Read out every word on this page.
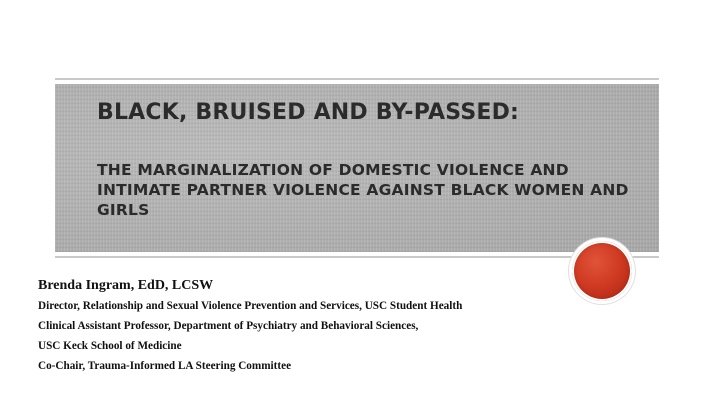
BLACK, BRUISED AND BY-PASSED:
THE MARGINALIZATION OF DOMESTIC VIOLENCE AND INTIMATE PARTNER VIOLENCE AGAINST BLACK WOMEN AND GIRLS
Brenda Ingram, EdD, LCSW
Director, Relationship and Sexual Violence Prevention and Services, USC Student Health
Clinical Assistant Professor, Department of Psychiatry and Behavioral Sciences,
USC Keck School of Medicine
Co-Chair, Trauma-Informed LA Steering Committee
